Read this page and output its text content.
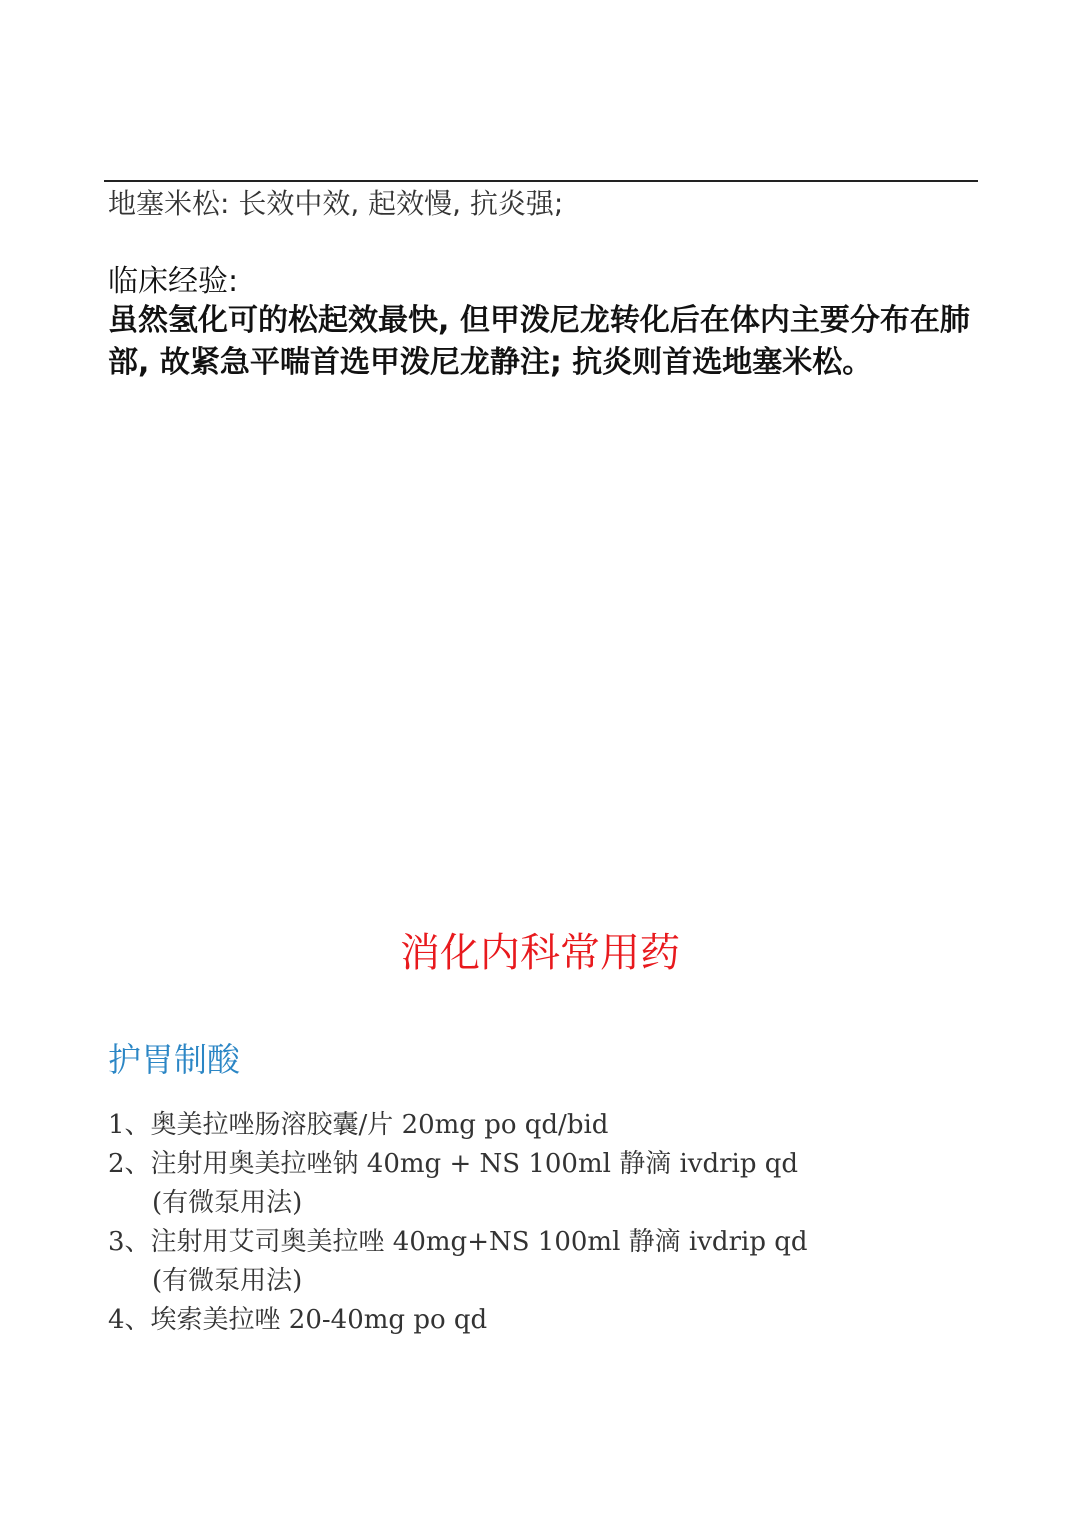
地塞米松: 长效中效, 起效慢, 抗炎强;
临床经验:
虽然氢化可的松起效最快, 但甲泼尼龙转化后在体内主要分布在肺
部, 故紧急平喘首选甲泼尼龙静注; 抗炎则首选地塞米松。
消化内科常用药
护胃制酸
1、奥美拉唑肠溶胶囊/片 20mg po qd/bid
2、注射用奥美拉唑钠 40mg + NS 100ml 静滴 ivdrip qd
(有微泵用法)
3、注射用艾司奥美拉唑 40mg+NS 100ml 静滴 ivdrip qd
(有微泵用法)
4、埃索美拉唑 20-40mg po qd
